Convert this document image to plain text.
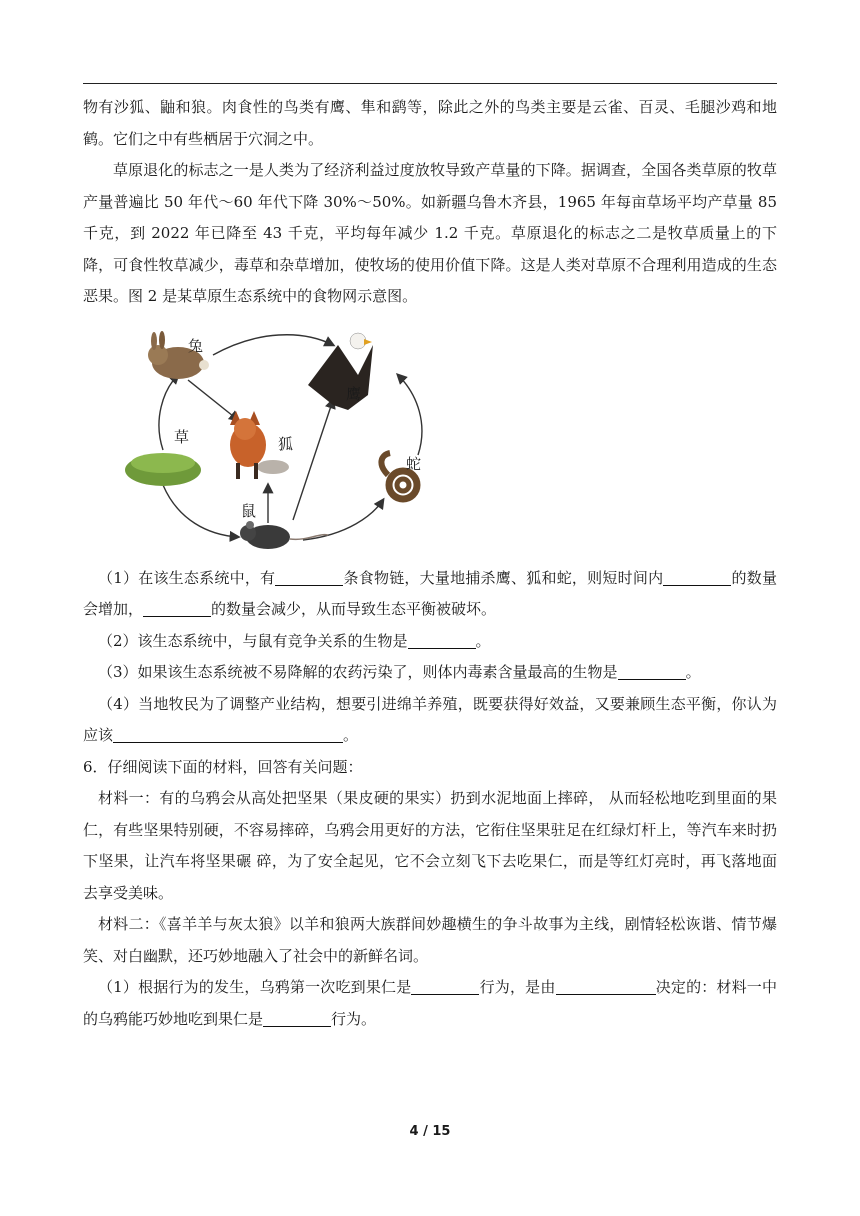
物有沙狐、鼬和狼。肉食性的鸟类有鹰、隼和鹞等，除此之外的鸟类主要是云雀、百灵、毛腿沙鸡和地鹤。它们之中有些栖居于穴洞之中。

草原退化的标志之一是人类为了经济利益过度放牧导致产草量的下降。据调查，全国各类草原的牧草产量普遍比 50 年代～60 年代下降 30%～50%。如新疆乌鲁木齐县，1965 年每亩草场平均产草量 85 千克，到 2022 年已降至 43 千克，平均每年减少 1.2 千克。草原退化的标志之二是牧草质量上的下降，可食性牧草减少，毒草和杂草增加，使牧场的使用价值下降。这是人类对草原不合理利用造成的生态恶果。图 2 是某草原生态系统中的食物网示意图。

兔
鹰
草	狐
蛇
鼠

（1）在该生态系统中，有	条食物链，大量地捕杀鹰、狐和蛇，则短时间内	的数量会增加，	的数量会减少，从而导致生态平衡被破坏。

（2）该生态系统中，与鼠有竞争关系的生物是	。

（3）如果该生态系统被不易降解的农药污染了，则体内毒素含量最高的生物是	。

（4）当地牧民为了调整产业结构，想要引进绵羊养殖，既要获得好效益，又要兼顾生态平衡，你认为应该	。

6．仔细阅读下面的材料，回答有关问题：

材料一：有的乌鸦会从高处把坚果（果皮硬的果实）扔到水泥地面上摔碎， 从而轻松地吃到里面的果仁，有些坚果特别硬，不容易摔碎，乌鸦会用更好的方法，它衔住坚果驻足在红绿灯杆上，等汽车来时扔下坚果，让汽车将坚果碾 碎，为了安全起见，它不会立刻飞下去吃果仁，而是等红灯亮时，再飞落地面 去享受美味。

材料二：《喜羊羊与灰太狼》以羊和狼两大族群间妙趣横生的争斗故事为主线，剧情轻松诙谐、情节爆笑、对白幽默，还巧妙地融入了社会中的新鲜名词。

（1）根据行为的发生，乌鸦第一次吃到果仁是	行为，是由	决定的：材料一中的乌鸦能巧妙地吃到果仁是	行为。

4 / 15
